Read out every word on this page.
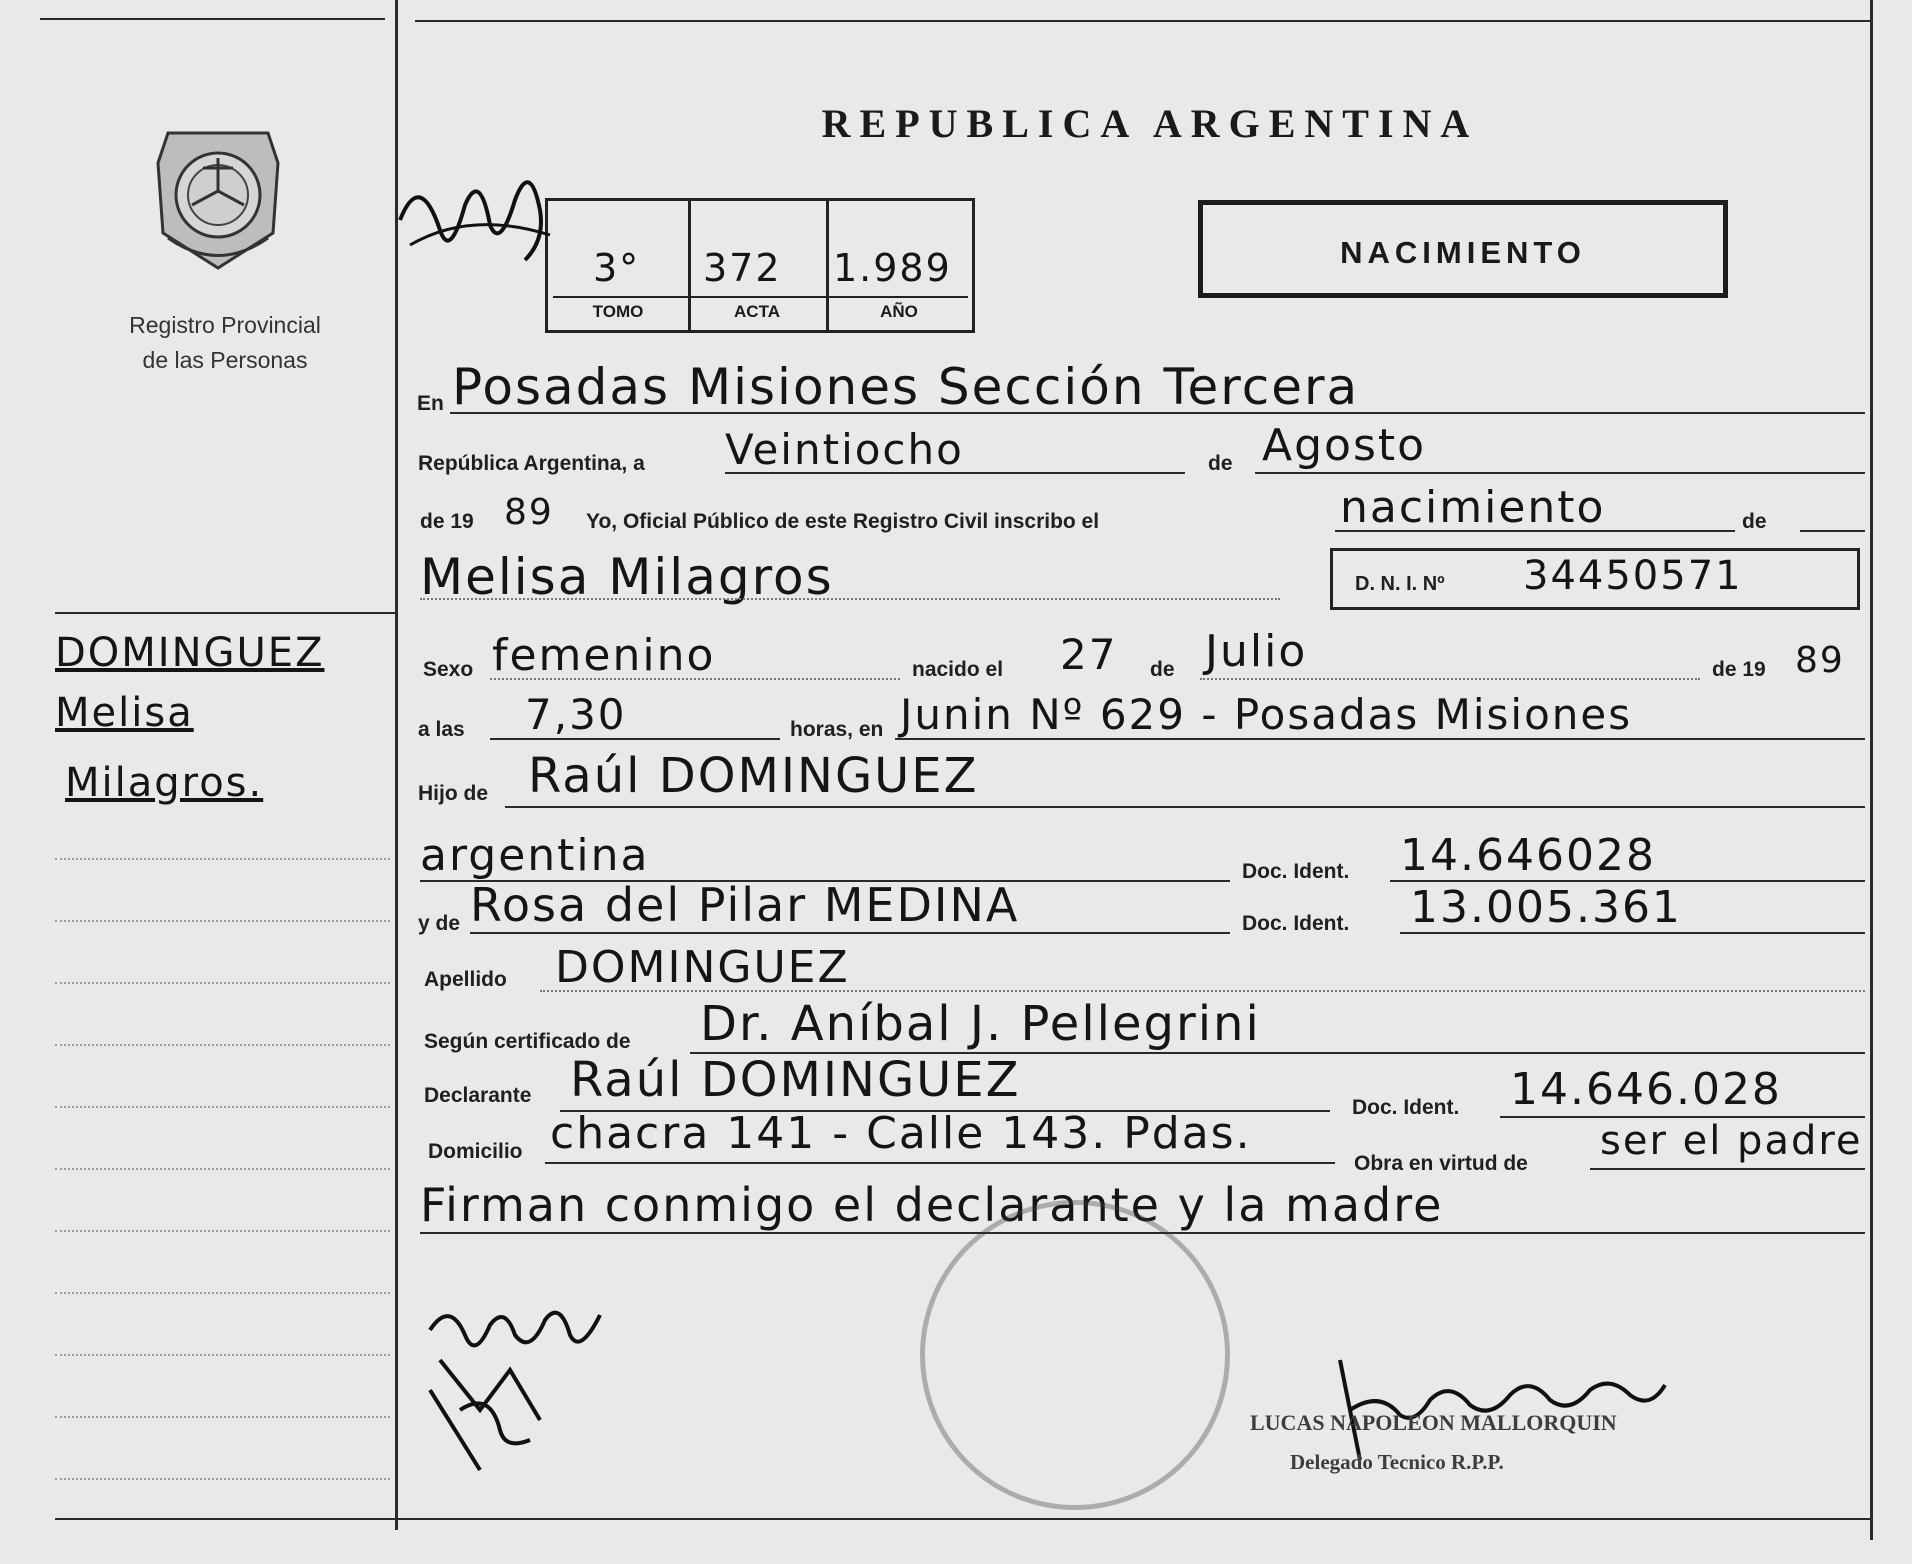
Registro Provincial
de las Personas
DOMINGUEZ
Melisa
Milagros.
REPUBLICA ARGENTINA
3° 372 1.989
TOMO	ACTA	AÑO
NACIMIENTO
En Posadas Misiones Sección Tercera
República Argentina, a Veintiocho	de Agosto
de 19 89 Yo, Oficial Público de este Registro Civil inscribo el	nacimiento	de
Melisa Milagros	D. N. I. Nº 34450571
Sexo femenino	nacido el 27 de Julio	de 19 89
a las 7,30	horas, en Junin Nº 629 - Posadas Misiones
Hijo de Raúl DOMINGUEZ
argentina	Doc. Ident. 14.646028
y de Rosa del Pilar MEDINA	Doc. Ident. 13.005.361
Apellido DOMINGUEZ
Según certificado de Dr. Aníbal J. Pellegrini
Declarante Raúl DOMINGUEZ	Doc. Ident. 14.646.028
Domicilio chacra 141 - Calle 143. Pdas.
Obra en virtud de ser el padre
Firman conmigo el declarante y la madre
LUCAS NAPOLEON MALLORQUIN
Delegado Tecnico R.P.P.
